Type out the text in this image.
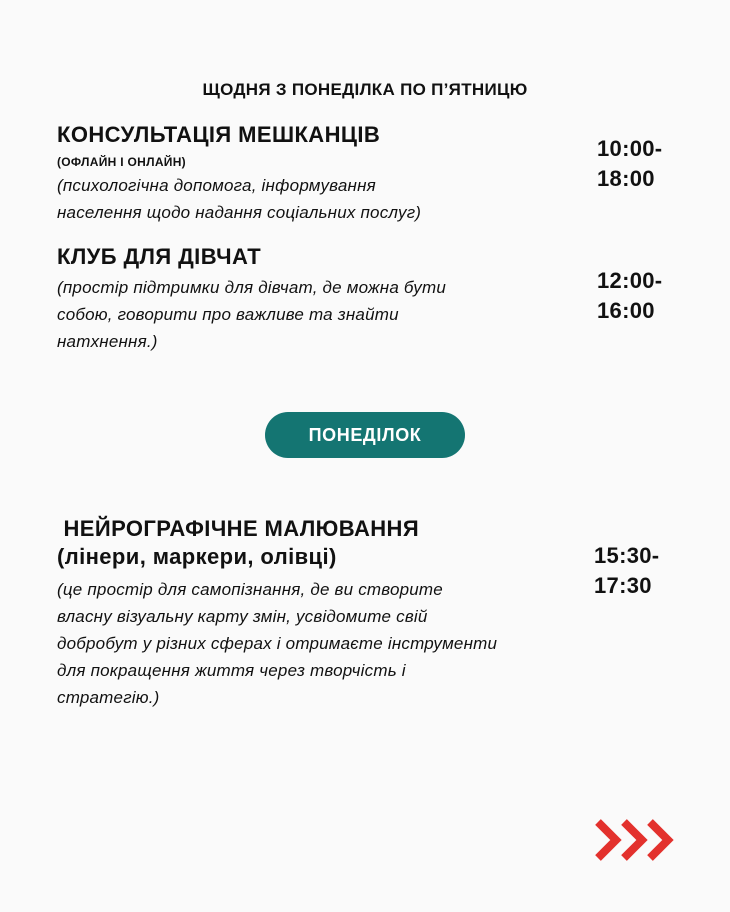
ЩОДНЯ З ПОНЕДІЛКА ПО П’ЯТНИЦЮ
КОНСУЛЬТАЦІЯ МЕШКАНЦІВ
(ОФЛАЙН І ОНЛАЙН)
(психологічна допомога, інформування
населення щодо надання соціальних послуг)
10:00-
18:00
КЛУБ ДЛЯ ДІВЧАТ
(простір підтримки для дівчат, де можна бути
собою, говорити про важливе та знайти
натхнення.)
12:00-
16:00
ПОНЕДІЛОК
НЕЙРОГРАФІЧНЕ МАЛЮВАННЯ
(лінери, маркери, олівці)
(це простір для самопізнання, де ви створите
власну візуальну карту змін, усвідомите свій
добробут у різних сферах і отримаєте інструменти
для покращення життя через творчість і
стратегію.)
15:30-
17:30
